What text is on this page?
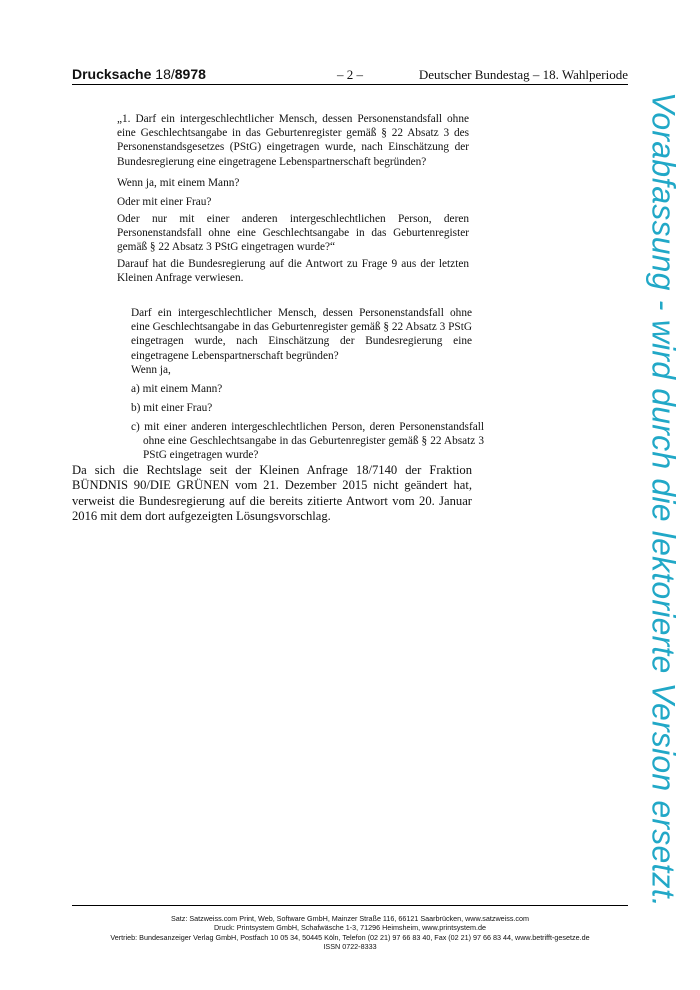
Drucksache 18/8978	– 2 –	Deutscher Bundestag – 18. Wahlperiode

„1. Darf ein intergeschlechtlicher Mensch, dessen Personenstandsfall ohne eine Geschlechtsangabe in das Geburtenregister gemäß § 22 Absatz 3 des Personenstandsgesetzes (PStG) eingetragen wurde, nach Einschätzung der Bundesregierung eine eingetragene Lebenspartnerschaft begründen?

Wenn ja, mit einem Mann?

Oder mit einer Frau?

Oder nur mit einer anderen intergeschlechtlichen Person, deren Personenstandsfall ohne eine Geschlechtsangabe in das Geburtenregister gemäß § 22 Absatz 3 PStG eingetragen wurde?“

Darauf hat die Bundesregierung auf die Antwort zu Frage 9 aus der letzten Kleinen Anfrage verwiesen.

Darf ein intergeschlechtlicher Mensch, dessen Personenstandsfall ohne eine Geschlechtsangabe in das Geburtenregister gemäß § 22 Absatz 3 PStG eingetragen wurde, nach Einschätzung der Bundesregierung eine eingetragene Lebenspartnerschaft begründen?

Wenn ja,

a) mit einem Mann?

b) mit einer Frau?

c) mit einer anderen intergeschlechtlichen Person, deren Personenstandsfall ohne eine Geschlechtsangabe in das Geburtenregister gemäß § 22 Absatz 3 PStG eingetragen wurde?

Da sich die Rechtslage seit der Kleinen Anfrage 18/7140 der Fraktion BÜNDNIS 90/DIE GRÜNEN vom 21. Dezember 2015 nicht geändert hat, verweist die Bundesregierung auf die bereits zitierte Antwort vom 20. Januar 2016 mit dem dort aufgezeigten Lösungsvorschlag.	Vorabfassung - wird durch die lektorierte Version ersetzt.
Satz: Satzweiss.com Print, Web, Software GmbH, Mainzer Straße 116, 66121 Saarbrücken, www.satzweiss.com
Druck: Printsystem GmbH, Schafwäsche 1-3, 71296 Heimsheim, www.printsystem.de
Vertrieb: Bundesanzeiger Verlag GmbH, Postfach 10 05 34, 50445 Köln, Telefon (02 21) 97 66 83 40, Fax (02 21) 97 66 83 44, www.betrifft-gesetze.de
ISSN 0722-8333
